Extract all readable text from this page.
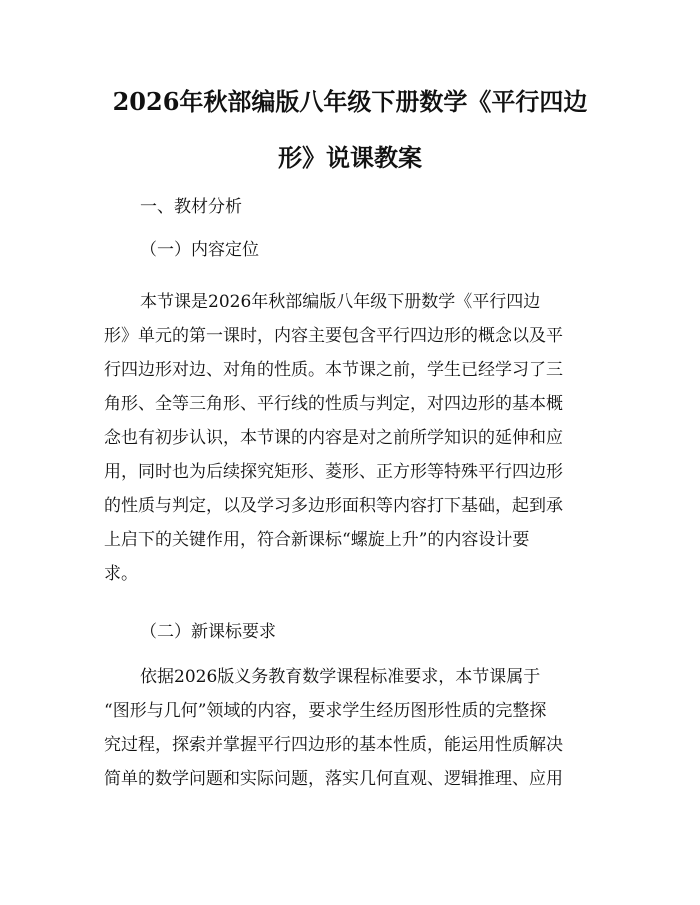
2026年秋部编版八年级下册数学《平行四边
形》说课教案

一、教材分析

（一）内容定位

本节课是2026年秋部编版八年级下册数学《平行四边
形》单元的第一课时，内容主要包含平行四边形的概念以及平
行四边形对边、对角的性质。本节课之前，学生已经学习了三
角形、全等三角形、平行线的性质与判定，对四边形的基本概
念也有初步认识，本节课的内容是对之前所学知识的延伸和应
用，同时也为后续探究矩形、菱形、正方形等特殊平行四边形
的性质与判定，以及学习多边形面积等内容打下基础，起到承
上启下的关键作用，符合新课标“螺旋上升”的内容设计要
求。

（二）新课标要求

依据2026版义务教育数学课程标准要求，本节课属于
“图形与几何”领域的内容，要求学生经历图形性质的完整探
究过程，探索并掌握平行四边形的基本性质，能运用性质解决
简单的数学问题和实际问题，落实几何直观、逻辑推理、应用
